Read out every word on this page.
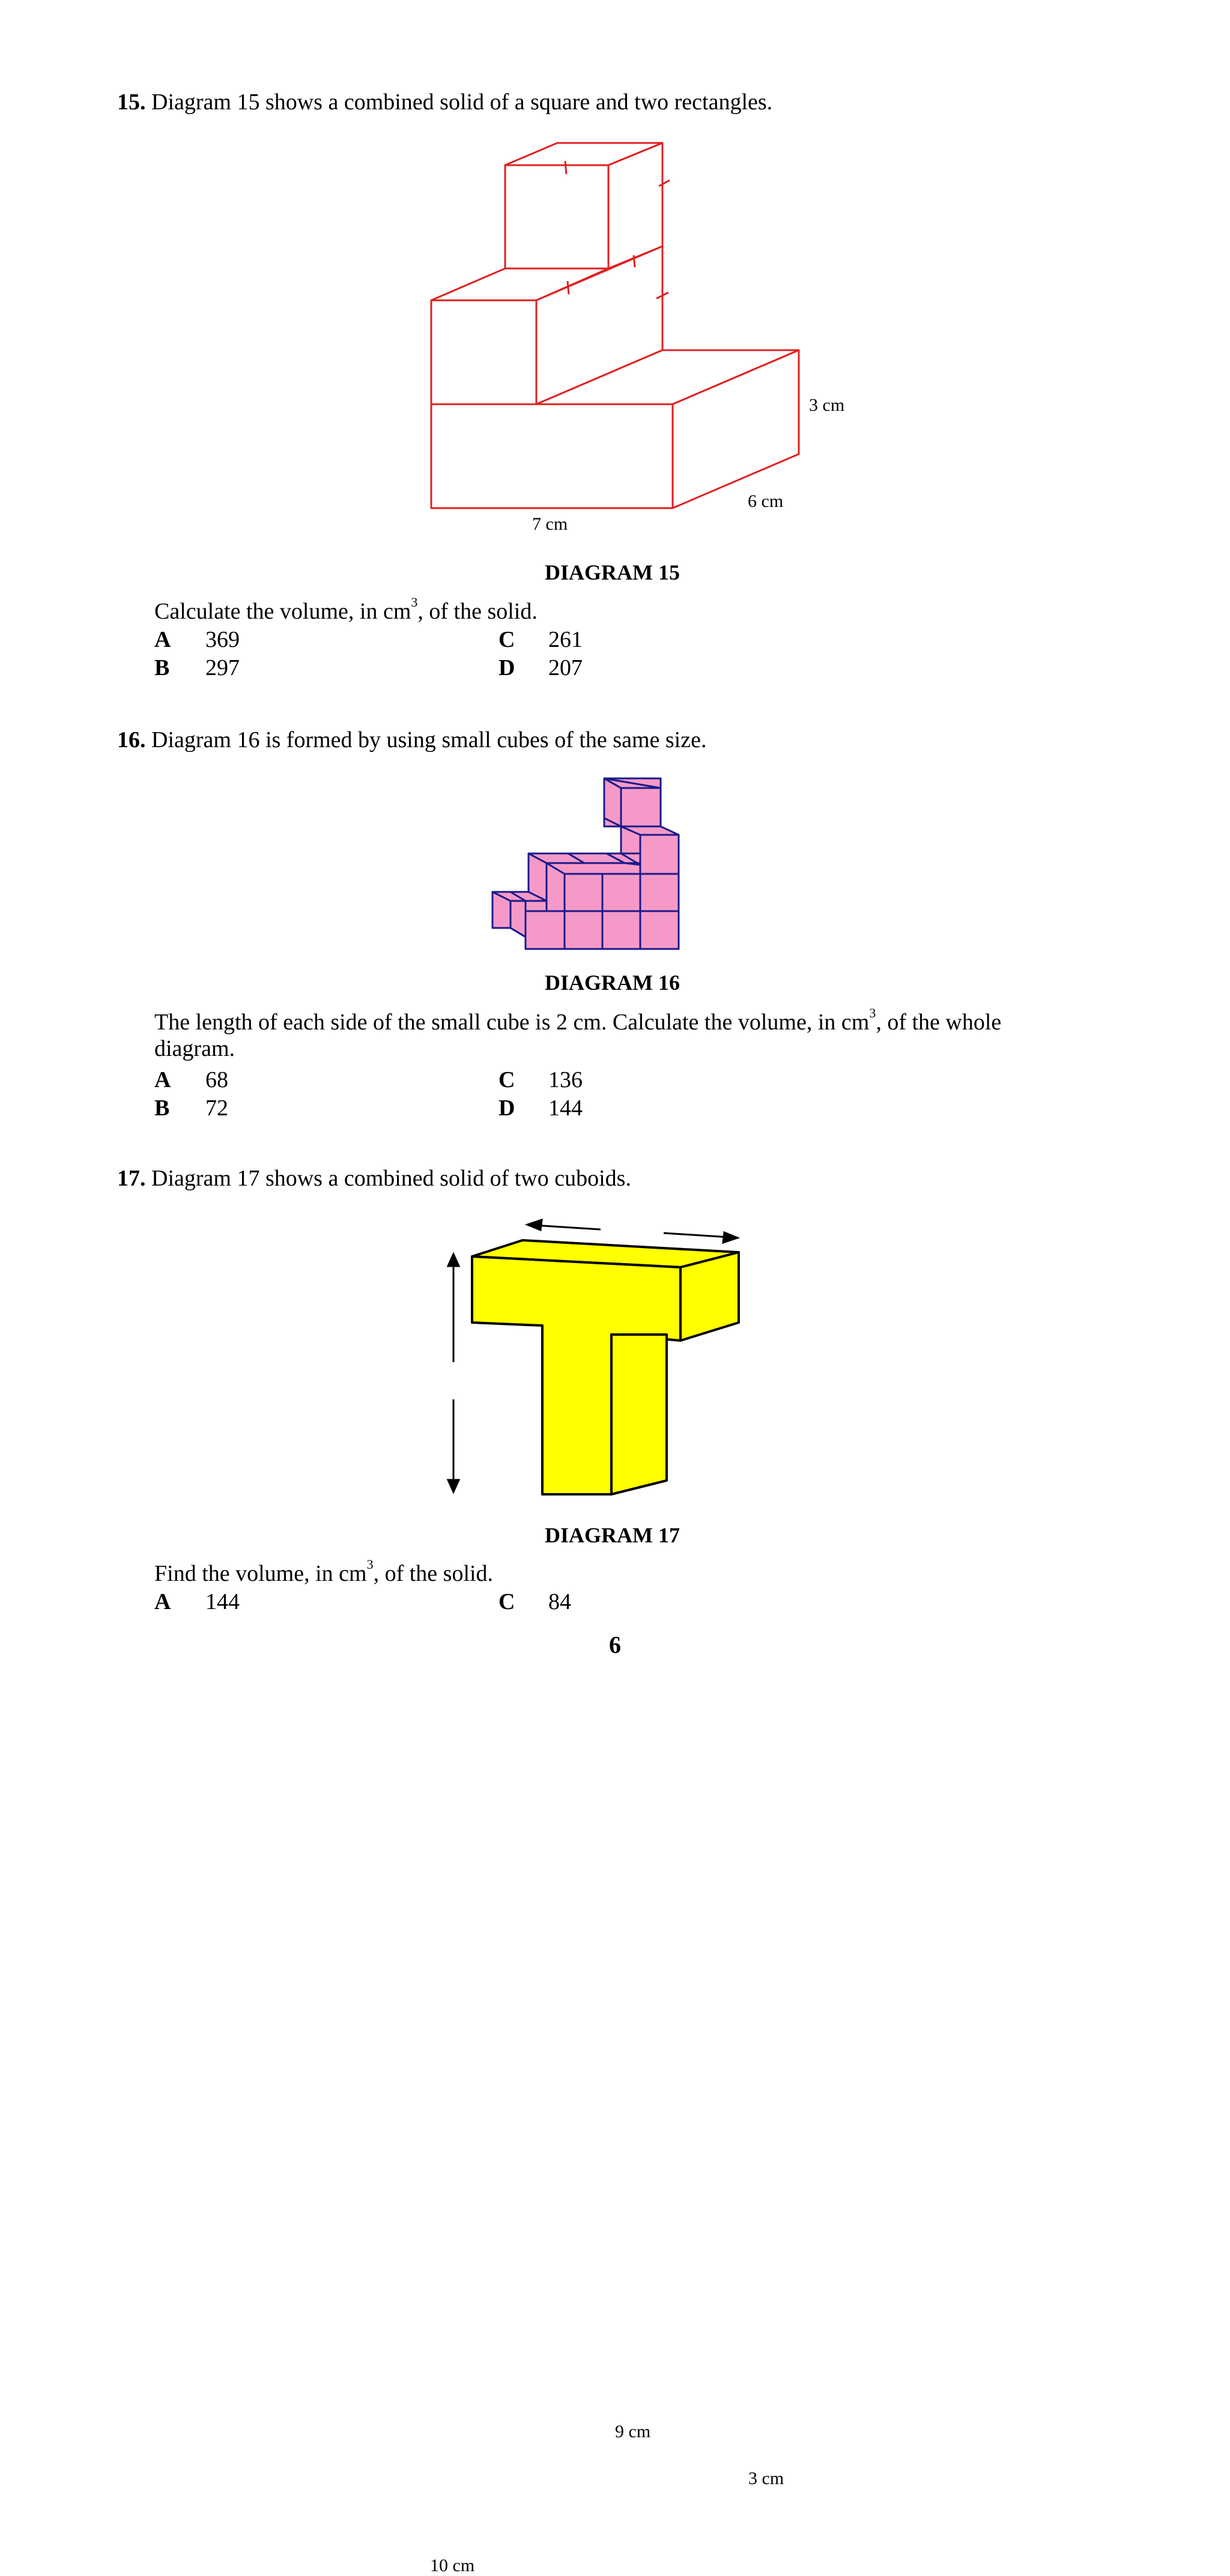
15. Diagram 15 shows a combined solid of a square and two rectangles.
3 cm
6 cm
7 cm
DIAGRAM 15
Calculate the volume, in $cm^3$, of the solid.
A 369
B 297
C 261
D 207
16. Diagram 16 is formed by using small cubes of the same size.
DIAGRAM 16
The length of each side of the small cube is 2 cm. Calculate the volume, in $cm^3$, of the whole
diagram.
A 68
B 72
C 136
D 144
17. Diagram 17 shows a combined solid of two cuboids.
9 cm
3 cm
10 cm
DIAGRAM 17
Find the volume, in $cm^3$, of the solid.
A 144	C 84
6
